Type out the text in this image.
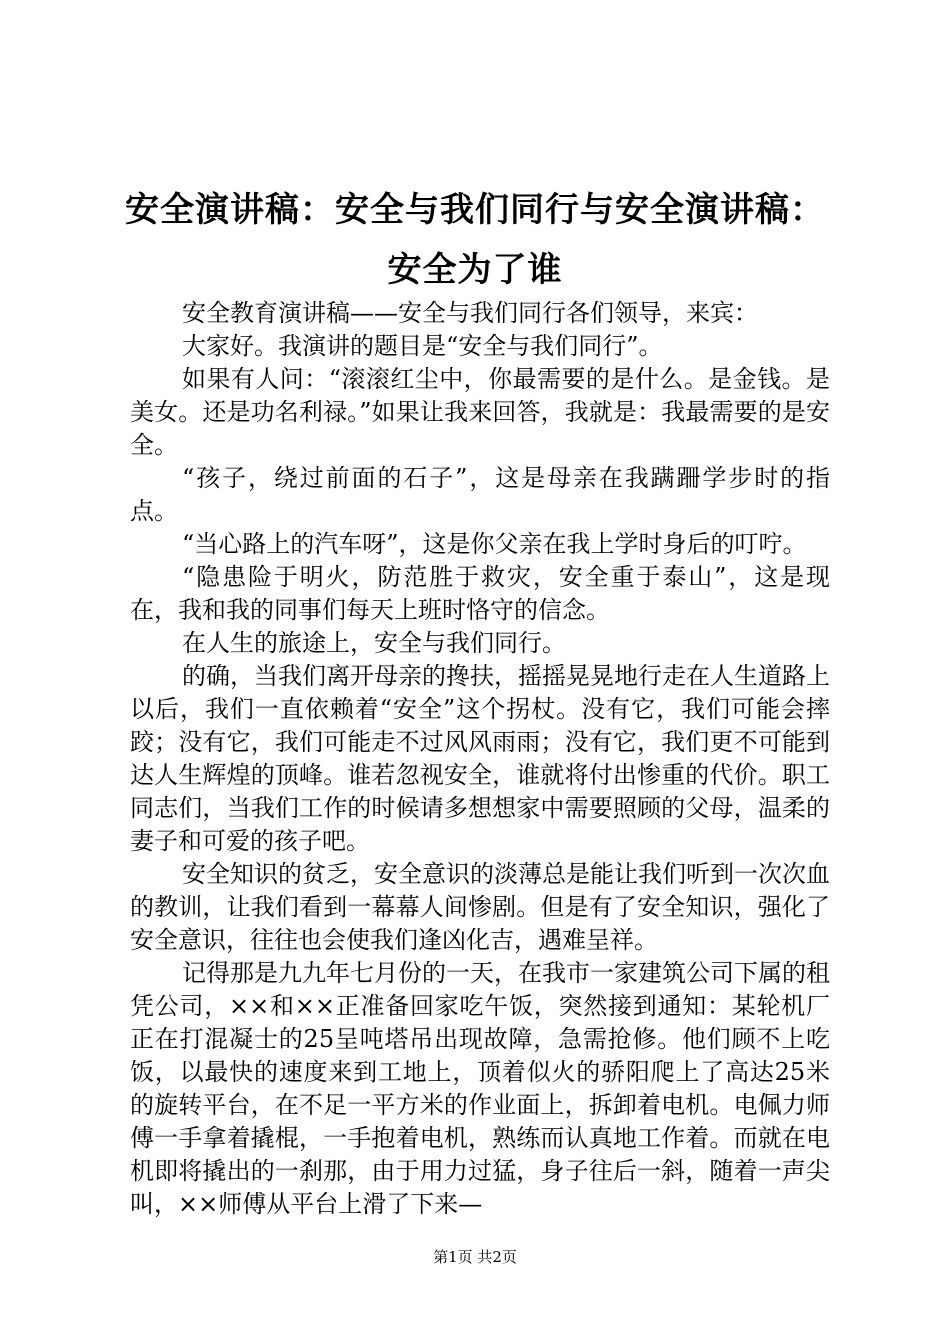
安全演讲稿：安全与我们同行与安全演讲稿：
安全为了谁

安全教育演讲稿——安全与我们同行各们领导，来宾：

大家好。我演讲的题目是“安全与我们同行”。

如果有人问：“滚滚红尘中，你最需要的是什么。是金钱。是美女。还是功名利禄。”如果让我来回答，我就是：我最需要的是安全。

“孩子，绕过前面的石子”，这是母亲在我蹒跚学步时的指点。

“当心路上的汽车呀”，这是你父亲在我上学时身后的叮咛。

“隐患险于明火，防范胜于救灾，安全重于泰山”，这是现在，我和我的同事们每天上班时恪守的信念。

在人生的旅途上，安全与我们同行。

的确，当我们离开母亲的搀扶，摇摇晃晃地行走在人生道路上以后，我们一直依赖着“安全”这个拐杖。没有它，我们可能会摔跤；没有它，我们可能走不过风风雨雨；没有它，我们更不可能到达人生辉煌的顶峰。谁若忽视安全，谁就将付出惨重的代价。职工同志们，当我们工作的时候请多想想家中需要照顾的父母，温柔的妻子和可爱的孩子吧。

安全知识的贫乏，安全意识的淡薄总是能让我们听到一次次血的教训，让我们看到一幕幕人间惨剧。但是有了安全知识，强化了安全意识，往往也会使我们逢凶化吉，遇难呈祥。

记得那是九九年七月份的一天，在我市一家建筑公司下属的租凭公司，××和××正准备回家吃午饭，突然接到通知：某轮机厂正在打混凝士的25呈吨塔吊出现故障，急需抢修。他们顾不上吃饭，以最快的速度来到工地上，顶着似火的骄阳爬上了高达25米的旋转平台，在不足一平方米的作业面上，拆卸着电机。电佩力师傅一手拿着撬棍，一手抱着电机，熟练而认真地工作着。而就在电机即将撬出的一刹那，由于用力过猛，身子往后一斜，随着一声尖叫，××师傅从平台上滑了下来—

第1页 共2页
